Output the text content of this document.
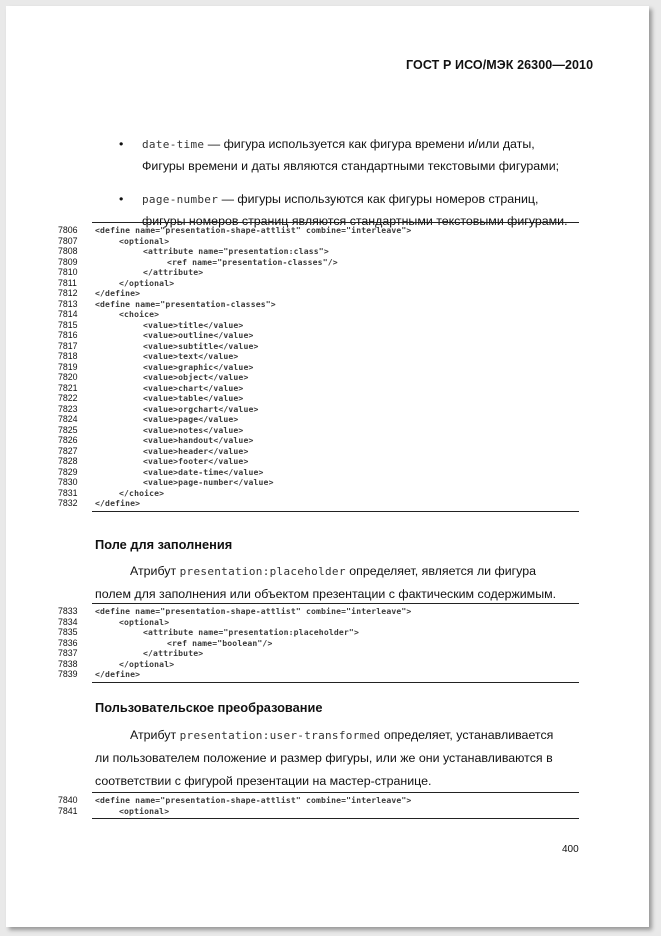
ГОСТ Р ИСО/МЭК 26300—2010
• date-time — фигура используется как фигура времени и/или даты,
Фигуры времени и даты являются стандартными текстовыми фигурами;
• page-number — фигуры используются как фигуры номеров страниц,
фигуры номеров страниц являются стандартными текстовыми фигурами.
7806	<define name="presentation-shape-attlist" combine="interleave">
7807	<optional>
7808	<attribute name="presentation:class">
7809	<ref name="presentation-classes"/>
7810	</attribute>
7811	</optional>
7812	</define>
7813	<define name="presentation-classes">
7814	<choice>
7815	<value>title</value>
7816	<value>outline</value>
7817	<value>subtitle</value>
7818	<value>text</value>
7819	<value>graphic</value>
7820	<value>object</value>
7821	<value>chart</value>
7822	<value>table</value>
7823	<value>orgchart</value>
7824	<value>page</value>
7825	<value>notes</value>
7826	<value>handout</value>
7827	<value>header</value>
7828	<value>footer</value>
7829	<value>date-time</value>
7830	<value>page-number</value>
7831	</choice>
7832	</define>
Поле для заполнения
Атрибут presentation:placeholder определяет, является ли фигура
полем для заполнения или объектом презентации с фактическим содержимым.
7833	<define name="presentation-shape-attlist" combine="interleave">
7834	<optional>
7835	<attribute name="presentation:placeholder">
7836	<ref name="boolean"/>
7837	</attribute>
7838	</optional>
7839	</define>
Пользовательское преобразование
Атрибут presentation:user-transformed определяет, устанавливается
ли пользователем положение и размер фигуры, или же они устанавливаются в
соответствии с фигурой презентации на мастер-странице.
7840	<define name="presentation-shape-attlist" combine="interleave">
7841	<optional>
400
